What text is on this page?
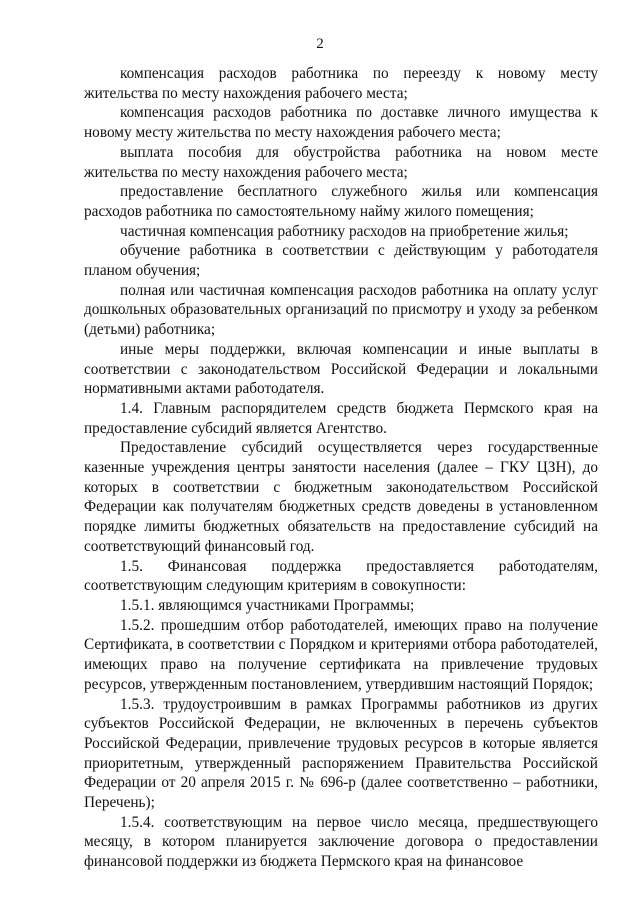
2

компенсация расходов работника по переезду к новому месту жительства по месту нахождения рабочего места;

компенсация расходов работника по доставке личного имущества к новому месту жительства по месту нахождения рабочего места;

выплата пособия для обустройства работника на новом месте жительства по месту нахождения рабочего места;

предоставление бесплатного служебного жилья или компенсация расходов работника по самостоятельному найму жилого помещения;

частичная компенсация работнику расходов на приобретение жилья;

обучение работника в соответствии с действующим у работодателя планом обучения;

полная или частичная компенсация расходов работника на оплату услуг дошкольных образовательных организаций по присмотру и уходу за ребенком (детьми) работника;

иные меры поддержки, включая компенсации и иные выплаты в соответствии с законодательством Российской Федерации и локальными нормативными актами работодателя.

1.4. Главным распорядителем средств бюджета Пермского края на предоставление субсидий является Агентство.

Предоставление субсидий осуществляется через государственные казенные учреждения центры занятости населения (далее – ГКУ ЦЗН), до которых в соответствии с бюджетным законодательством Российской Федерации как получателям бюджетных средств доведены в установленном порядке лимиты бюджетных обязательств на предоставление субсидий на соответствующий финансовый год.

1.5. Финансовая поддержка предоставляется работодателям, соответствующим следующим критериям в совокупности:

1.5.1. являющимся участниками Программы;

1.5.2. прошедшим отбор работодателей, имеющих право на получение Сертификата, в соответствии с Порядком и критериями отбора работодателей, имеющих право на получение сертификата на привлечение трудовых ресурсов, утвержденным постановлением, утвердившим настоящий Порядок;

1.5.3. трудоустроившим в рамках Программы работников из других субъектов Российской Федерации, не включенных в перечень субъектов Российской Федерации, привлечение трудовых ресурсов в которые является приоритетным, утвержденный распоряжением Правительства Российской Федерации от 20 апреля 2015 г. № 696-р (далее соответственно – работники, Перечень);

1.5.4. соответствующим на первое число месяца, предшествующего месяцу, в котором планируется заключение договора о предоставлении финансовой поддержки из бюджета Пермского края на финансовое
